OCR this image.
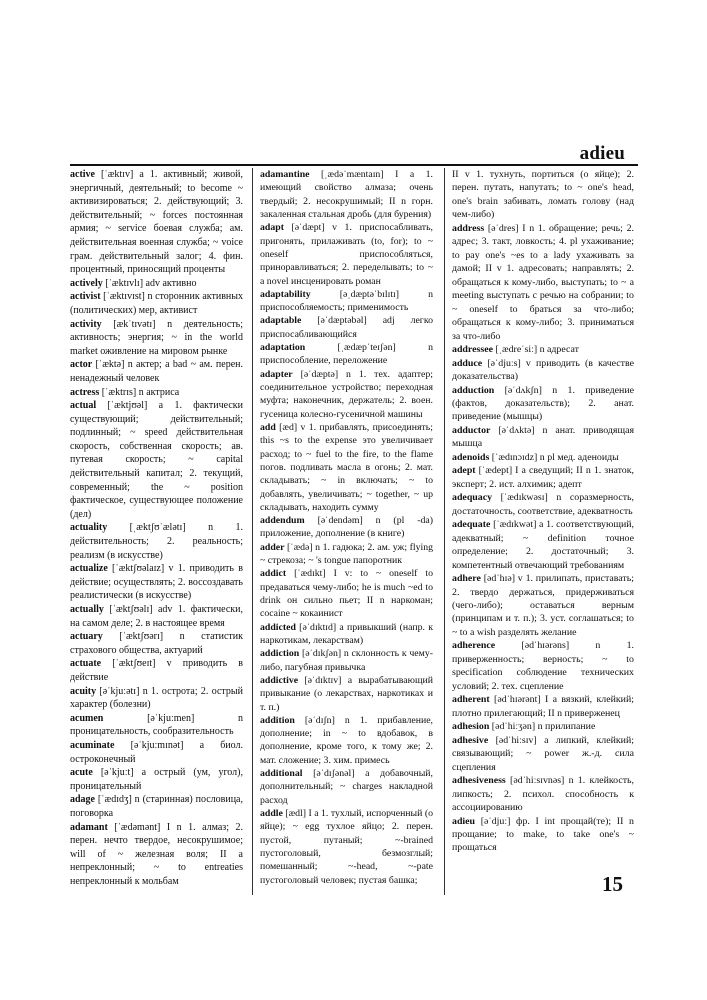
adieu

active [ˈæktɪv] a 1. активный; живой, энергичный, деятельный; to become ~ активизироваться; 2. действующий; 3. действительный; ~ forces постоянная армия; ~ service боевая служба; ам. действительная военная служба; ~ voice грам. действительный залог; 4. фин. процентный, приносящий проценты

actively [ˈæktɪvlɪ] adv активно

activist [ˈæktɪvɪst] n сторонник активных (политических) мер, активист

activity [ækˈtɪvətɪ] n деятельность; активность; энергия; ~ in the world market оживление на мировом рынке

actor [ˈæktə] n актер; a bad ~ ам. перен. ненадежный человек

actress [ˈæktrɪs] n актриса

actual [ˈæktjʊəl] a 1. фактически существующий; действительный; подлинный; ~ speed действительная скорость, собственная скорость; ав. путевая скорость; ~ capital действительный капитал; 2. текущий, современный; the ~ position фактическое, существующее положение (дел)

actuality [ˌæktʃʊˈælətɪ] n 1. действительность; 2. реальность; реализм (в искусстве)

actualize [ˈæktʃʊəlaɪz] v 1. приводить в действие; осуществлять; 2. воссоздавать реалистически (в искусстве)

actually [ˈæktʃʊəlɪ] adv 1. фактически, на самом деле; 2. в настоящее время

actuary [ˈæktʃʊərɪ] n статистик страхового общества, актуарий

actuate [ˈæktʃʊeɪt] v приводить в действие

acuity [əˈkjuːətɪ] n 1. острота; 2. острый характер (болезни)

acumen [əˈkjuːmen] n проницательность, сообразительность

acuminate [əˈkjuːmɪnət] a биол. остроконечный

acute [əˈkjuːt] a острый (ум, угол), проницательный

adage [ˈædɪdʒ] n (старинная) пословица, поговорка

adamant [ˈædəmənt] I n 1. алмаз; 2. перен. нечто твердое, несокрушимое; will of ~ железная воля; II a непреклонный; ~ to entreaties непреклонный к мольбам

adamantine [ˌædəˈmæntaɪn] I a 1. имеющий свойство алмаза; очень твердый; 2. несокрушимый; II n горн. закаленная стальная дробь (для бурения)

adapt [əˈdæpt] v 1. приспосабливать, пригонять, прилаживать (to, for); to ~ oneself приспособляться, приноравливаться; 2. переделывать; to ~ a novel инсценировать роман

adaptability [əˌdæptəˈbɪlɪtɪ] n приспособляемость; применимость

adaptable [əˈdæptəbəl] adj легко приспосабливающийся

adaptation [ˌædæpˈteɪʃən] n приспособление, переложение

adapter [əˈdæptə] n 1. тех. адаптер; соединительное устройство; переходная муфта; наконечник, держатель; 2. воен. гусеница колесно-гусеничной машины

add [æd] v 1. прибавлять, присоединять; this ~s to the expense это увеличивает расход; to ~ fuel to the fire, to the flame погов. подливать масла в огонь; 2. мат. складывать; ~ in включать; ~ to добавлять, увеличивать; ~ together, ~ up складывать, находить сумму

addendum [əˈdendəm] n (pl -da) приложение, дополнение (в книге)

adder [ˈædə] n 1. гадюка; 2. ам. уж; flying ~ стрекоза; ~ 's tongue папоротник

addict [ˈædɪkt] I v: to ~ oneself to предаваться чему-либо; he is much ~ed to drink он сильно пьет; II n наркоман; cocaine ~ кокаинист

addicted [əˈdɪktɪd] a привыкший (напр. к наркотикам, лекарствам)

addiction [əˈdɪkʃən] n склонность к чему-либо, пагубная привычка

addictive [əˈdɪktɪv] a вырабатывающий привыкание (о лекарствах, наркотиках и т. п.)

addition [əˈdɪʃn] n 1. прибавление, дополнение; in ~ to вдобавок, в дополнение, кроме того, к тому же; 2. мат. сложение; 3. хим. примесь

additional [əˈdɪʃənəl] a добавочный, дополнительный; ~ charges накладной расход

addle [ædl] I a 1. тухлый, испорченный (о яйце); ~ egg тухлое яйцо; 2. перен. пустой, путаный; ~-brained пустоголовый, безмозглый; помешанный; ~-head, ~-pate пустоголовый человек; пустая башка;

II v 1. тухнуть, портиться (о яйце); 2. перен. путать, напутать; to ~ one's head, one's brain забивать, ломать голову (над чем-либо)

address [əˈdres] I n 1. обращение; речь; 2. адрес; 3. такт, ловкость; 4. pl ухаживание; to pay one's ~es to a lady ухаживать за дамой; II v 1. адресовать; направлять; 2. обращаться к кому-либо, выступать; to ~ a meeting выступать с речью на собрании; to ~ oneself to браться за что-либо; обращаться к кому-либо; 3. приниматься за что-либо

addressee [ˌædreˈsiː] n адресат

adduce [əˈdjuːs] v приводить (в качестве доказательства)

adduction [əˈdʌkʃn] n 1. приведение (фактов, доказательств); 2. анат. приведение (мышцы)

adductor [əˈdʌktə] n анат. приводящая мышца

adenoids [ˈædɪnɔɪdz] n pl мед. аденоиды

adept [ˈædept] I a сведущий; II n 1. знаток, эксперт; 2. ист. алхимик; адепт

adequacy [ˈædɪkwəsɪ] n соразмерность, достаточность, соответствие, адекватность

adequate [ˈædɪkwət] a 1. соответствующий, адекватный; ~ definition точное определение; 2. достаточный; 3. компетентный отвечающий требованиям

adhere [ədˈhɪə] v 1. прилипать, приставать; 2. твердо держаться, придерживаться (чего-либо); оставаться верным (принципам и т. п.); 3. уст. соглашаться; to ~ to a wish разделять желание

adherence [ədˈhɪərəns] n 1. приверженность; верность; ~ to specification соблюдение технических условий; 2. тех. сцепление

adherent [ədˈhɪərənt] I a вязкий, клейкий; плотно прилегающий; II n приверженец

adhesion [ədˈhiːʒən] n прилипание

adhesive [ədˈhiːsɪv] a липкий, клейкий; связывающий; ~ power ж.-д. сила сцепления

adhesiveness [ədˈhiːsɪvnəs] n 1. клейкость, липкость; 2. психол. способность к ассоциированию

adieu [əˈdjuː] фр. I int прощай(те); II n прощание; to make, to take one's ~ прощаться

15
